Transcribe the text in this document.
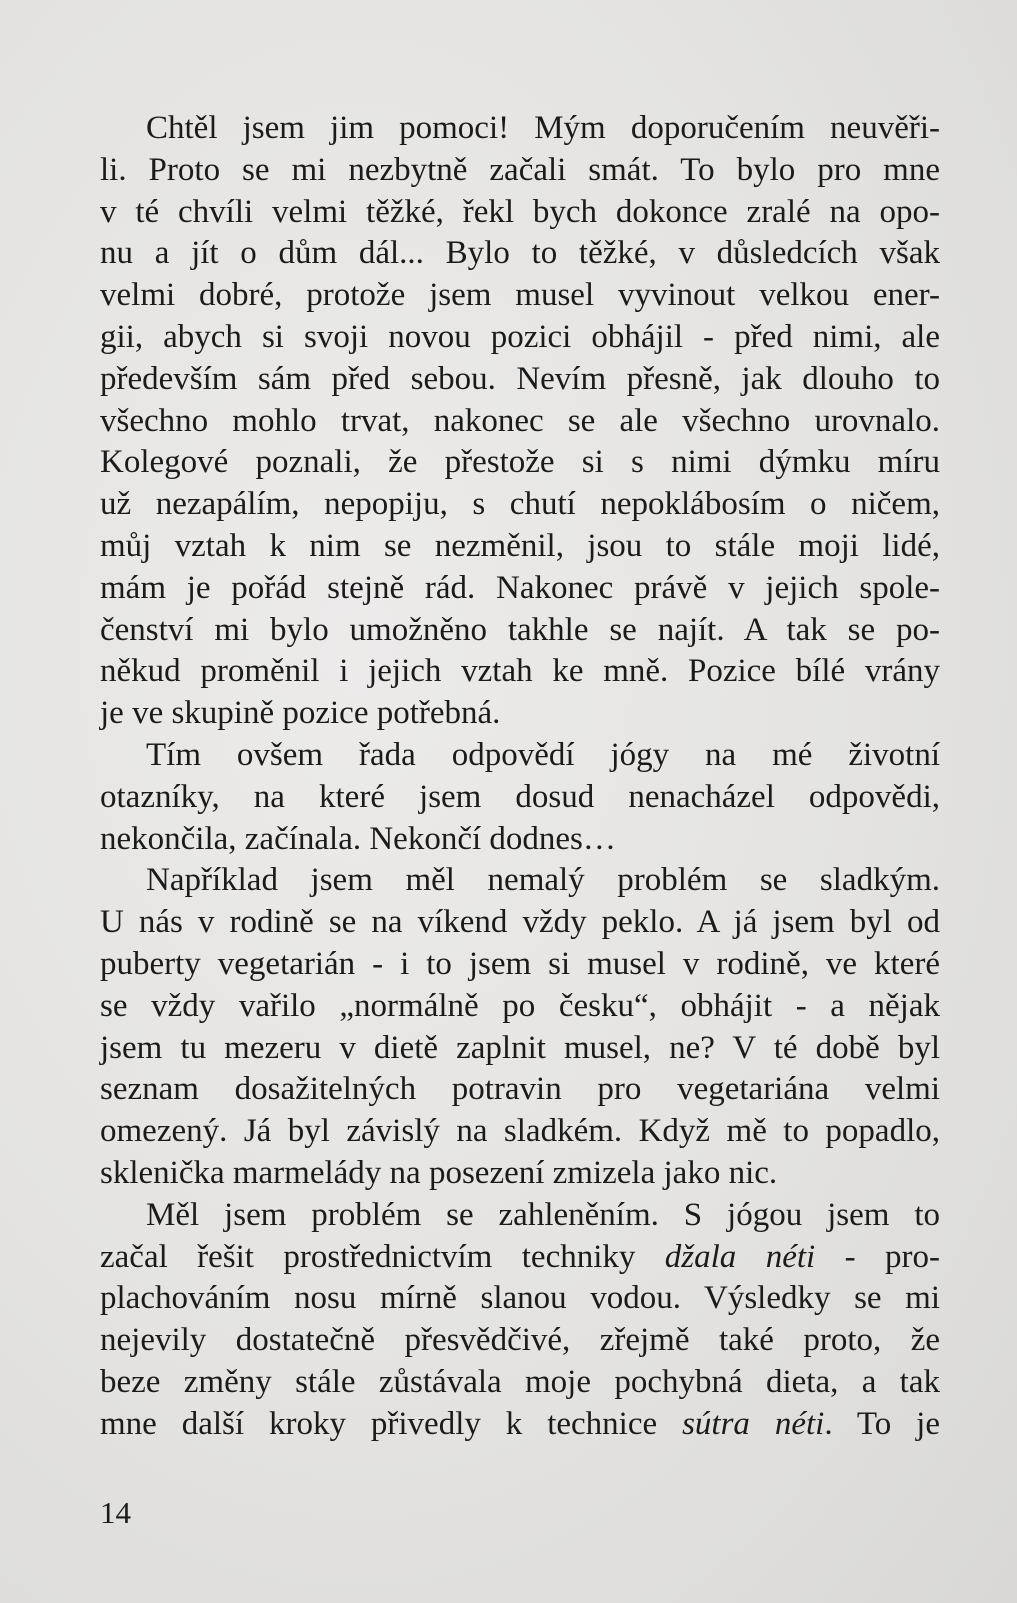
Chtěl jsem jim pomoci! Mým doporučením neuvěři-
li. Proto se mi nezbytně začali smát. To bylo pro mne
v té chvíli velmi těžké, řekl bych dokonce zralé na opo-
nu a jít o dům dál... Bylo to těžké, v důsledcích však
velmi dobré, protože jsem musel vyvinout velkou ener-
gii, abych si svoji novou pozici obhájil - před nimi, ale
především sám před sebou. Nevím přesně, jak dlouho to
všechno mohlo trvat, nakonec se ale všechno urovnalo.
Kolegové poznali, že přestože si s nimi dýmku míru
už nezapálím, nepopiju, s chutí nepoklábosím o ničem,
můj vztah k nim se nezměnil, jsou to stále moji lidé,
mám je pořád stejně rád. Nakonec právě v jejich spole-
čenství mi bylo umožněno takhle se najít. A tak se po-
někud proměnil i jejich vztah ke mně. Pozice bílé vrány
je ve skupině pozice potřebná.
Tím ovšem řada odpovědí jógy na mé životní
otazníky, na které jsem dosud nenacházel odpovědi,
nekončila, začínala. Nekončí dodnes…
Například jsem měl nemalý problém se sladkým.
U nás v rodině se na víkend vždy peklo. A já jsem byl od
puberty vegetarián - i to jsem si musel v rodině, ve které
se vždy vařilo „normálně po česku“, obhájit - a nějak
jsem tu mezeru v dietě zaplnit musel, ne? V té době byl
seznam dosažitelných potravin pro vegetariána velmi
omezený. Já byl závislý na sladkém. Když mě to popadlo,
sklenička marmelády na posezení zmizela jako nic.
Měl jsem problém se zahleněním. S jógou jsem to
začal řešit prostřednictvím techniky džala néti - pro-
plachováním nosu mírně slanou vodou. Výsledky se mi
nejevily dostatečně přesvědčivé, zřejmě také proto, že
beze změny stále zůstávala moje pochybná dieta, a tak
mne další kroky přivedly k technice sútra néti. To je
14
